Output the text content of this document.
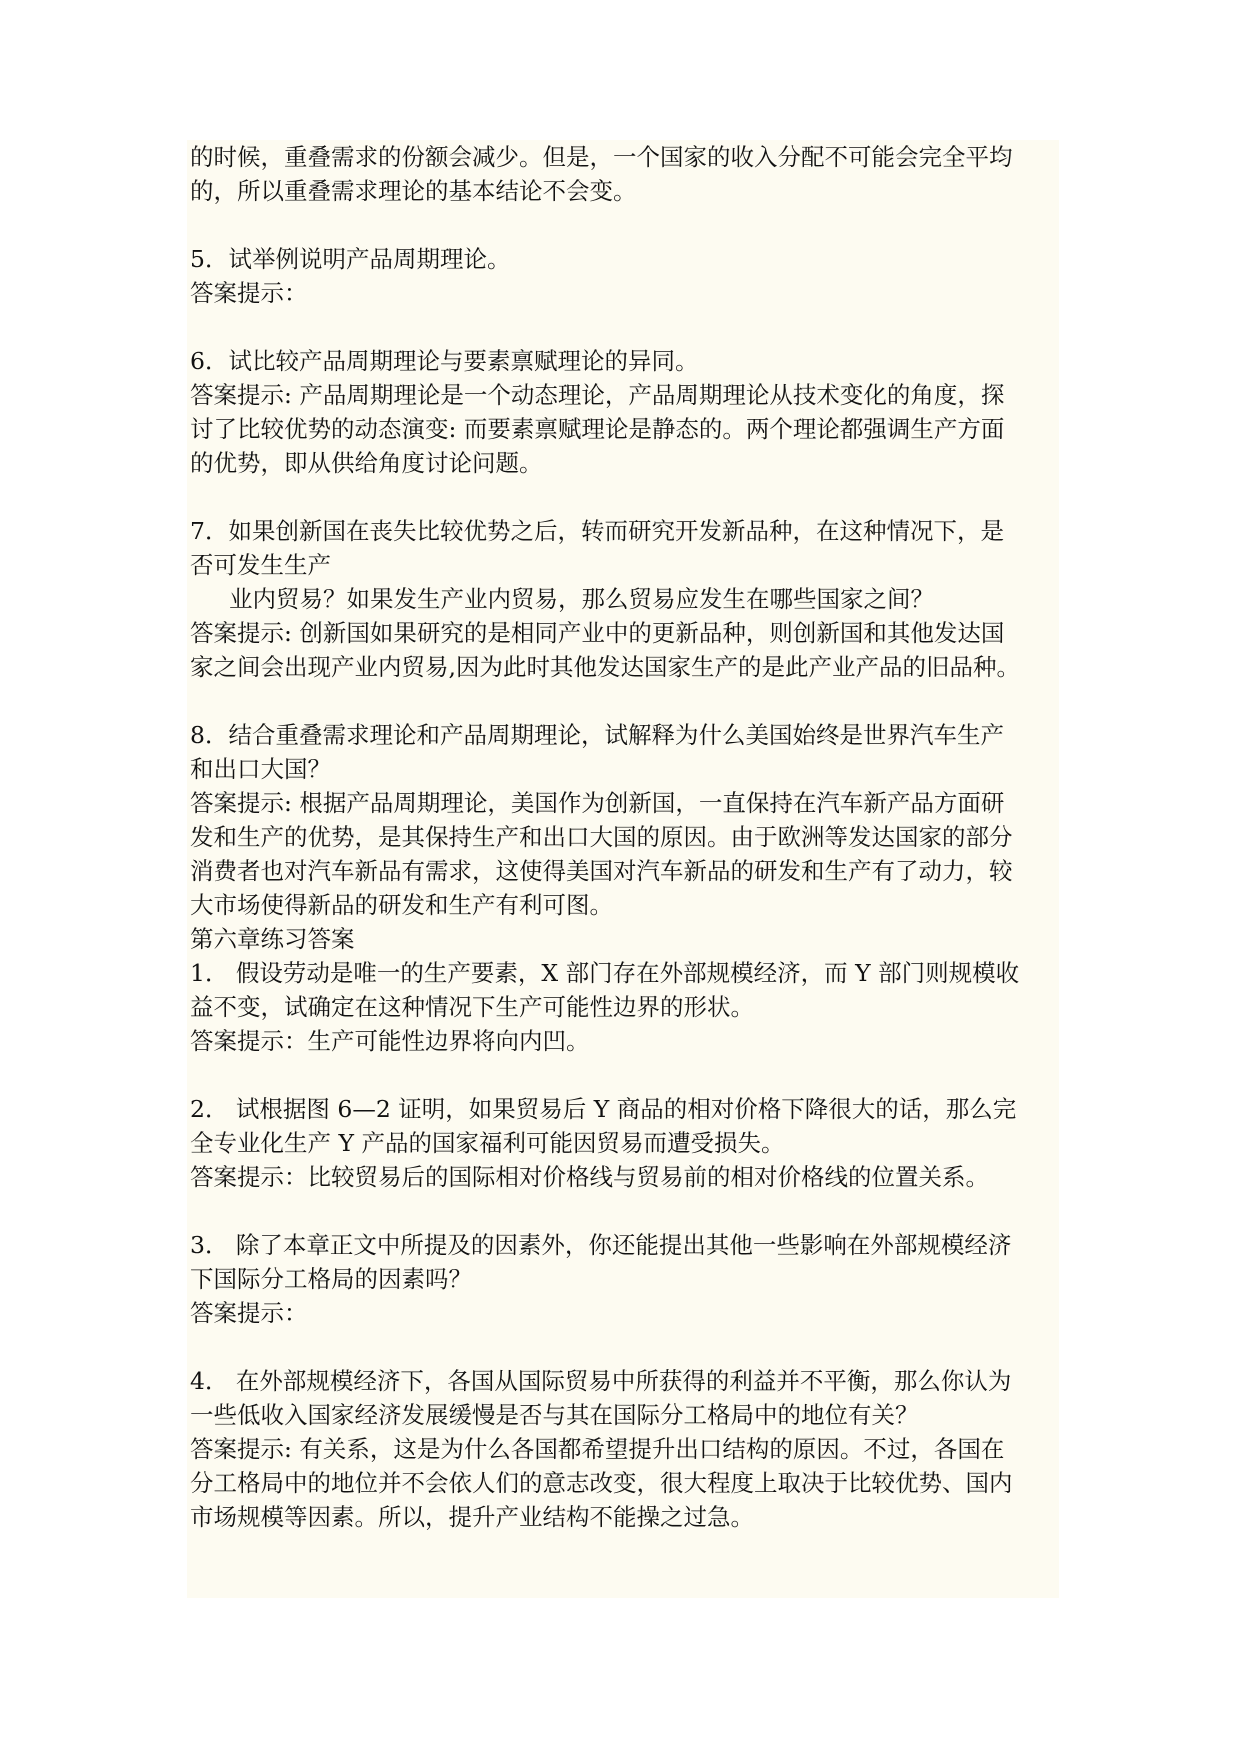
的时候，重叠需求的份额会减少。但是，一个国家的收入分配不可能会完全平均
的，所以重叠需求理论的基本结论不会变。
5．试举例说明产品周期理论。
答案提示：
6．试比较产品周期理论与要素禀赋理论的异同。
答案提示: 产品周期理论是一个动态理论，产品周期理论从技术变化的角度，探
讨了比较优势的动态演变: 而要素禀赋理论是静态的。两个理论都强调生产方面
的优势，即从供给角度讨论问题。
7．如果创新国在丧失比较优势之后，转而研究开发新品种，在这种情况下，是
否可发生生产
业内贸易？如果发生产业内贸易，那么贸易应发生在哪些国家之间？
答案提示: 创新国如果研究的是相同产业中的更新品种，则创新国和其他发达国
家之间会出现产业内贸易,因为此时其他发达国家生产的是此产业产品的旧品种。
8．结合重叠需求理论和产品周期理论，试解释为什么美国始终是世界汽车生产
和出口大国？
答案提示: 根据产品周期理论，美国作为创新国，一直保持在汽车新产品方面研
发和生产的优势，是其保持生产和出口大国的原因。由于欧洲等发达国家的部分
消费者也对汽车新品有需求，这使得美国对汽车新品的研发和生产有了动力，较
大市场使得新品的研发和生产有利可图。
第六章练习答案
1． 假设劳动是唯一的生产要素，X 部门存在外部规模经济，而 Y 部门则规模收
益不变，试确定在这种情况下生产可能性边界的形状。
答案提示：生产可能性边界将向内凹。
2． 试根据图 6—2 证明，如果贸易后 Y 商品的相对价格下降很大的话，那么完
全专业化生产 Y 产品的国家福利可能因贸易而遭受损失。
答案提示：比较贸易后的国际相对价格线与贸易前的相对价格线的位置关系。
3． 除了本章正文中所提及的因素外，你还能提出其他一些影响在外部规模经济
下国际分工格局的因素吗？
答案提示：
4． 在外部规模经济下，各国从国际贸易中所获得的利益并不平衡，那么你认为
一些低收入国家经济发展缓慢是否与其在国际分工格局中的地位有关？
答案提示: 有关系，这是为什么各国都希望提升出口结构的原因。不过，各国在
分工格局中的地位并不会依人们的意志改变，很大程度上取决于比较优势、国内
市场规模等因素。所以，提升产业结构不能操之过急。
